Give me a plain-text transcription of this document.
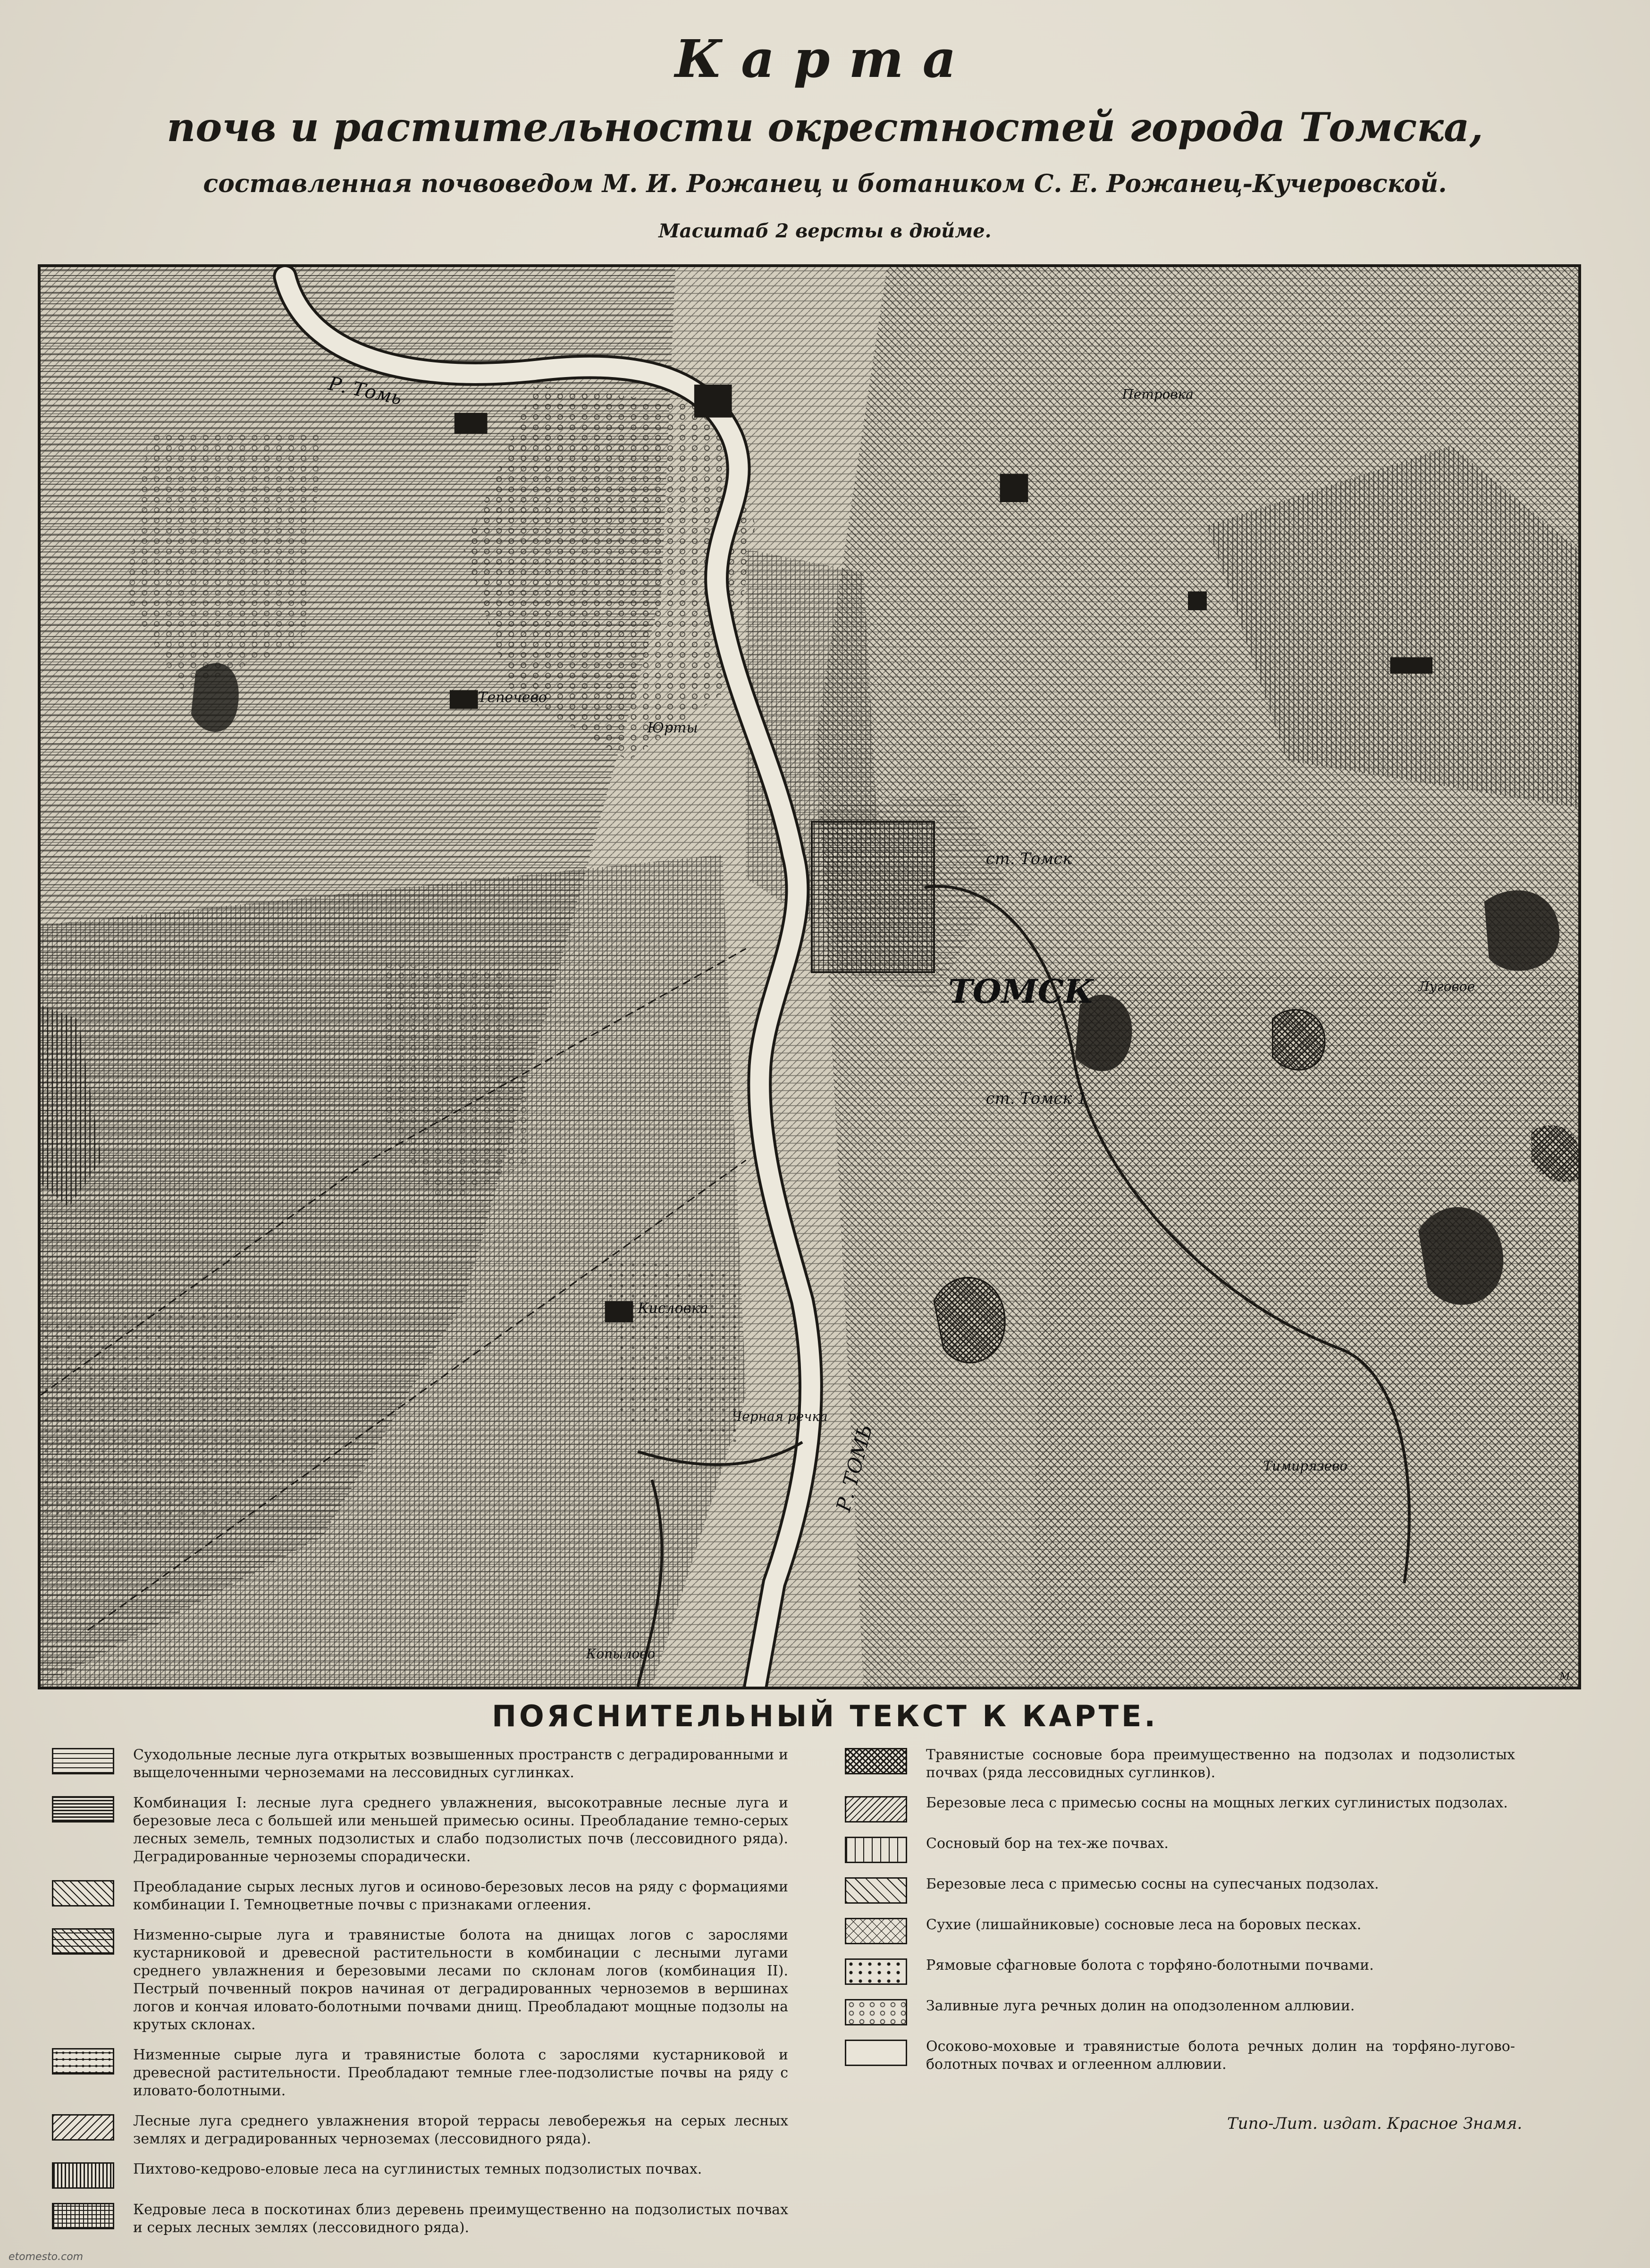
Карта
почв и растительности окрестностей города Томска,
составленная почвоведом М. И. Рожанец и ботаником С. Е. Рожанец-Кучеровской.
Масштаб 2 версты в дюйме.
ТОМСК
Р. Томь
Р. ТОМЬ
ст. Томск
ст. Томск 1
Юрты
Тепечево
Кисловка
Черная речка
Копылово
Тимирязево
Луговое
Петровка
М.
ПОЯСНИТЕЛЬНЫЙ ТЕКСТ К КАРТЕ.
Суходольные лесные луга открытых возвышенных пространств с деградированными и выщелоченными черноземами на лессовидных суглинках.
Комбинация I: лесные луга среднего увлажнения, высокотравные лесные луга и березовые леса с большей или меньшей примесью осины. Преобладание темно-серых лесных земель, темных подзолистых и слабо подзолистых почв (лессовидного ряда). Деградированные черноземы спорадически.
Преобладание сырых лесных лугов и осиново-березовых лесов на ряду с формациями комбинации I. Темноцветные почвы с признаками оглеения.
Низменно-сырые луга и травянистые болота на днищах логов с зарослями кустарниковой и древесной растительности в комбинации с лесными лугами среднего увлажнения и березовыми лесами по склонам логов (комбинация II). Пестрый почвенный покров начиная от деградированных черноземов в вершинах логов и кончая иловато-болотными почвами днищ. Преобладают мощные подзолы на крутых склонах.
Низменные сырые луга и травянистые болота с зарослями кустарниковой и древесной растительности. Преобладают темные глее-подзолистые почвы на ряду с иловато-болотными.
Лесные луга среднего увлажнения второй террасы левобережья на серых лесных землях и деградированных черноземах (лессовидного ряда).
Пихтово-кедрово-еловые леса на суглинистых темных подзолистых почвах.
Кедровые леса в поскотинах близ деревень преимущественно на подзолистых почвах и серых лесных землях (лессовидного ряда).
Травянистые сосновые бора преимущественно на подзолах и подзолистых почвах (ряда лессовидных суглинков).
Березовые леса с примесью сосны на мощных легких суглинистых подзолах.
Сосновый бор на тех-же почвах.
Березовые леса с примесью сосны на супесчаных подзолах.
Сухие (лишайниковые) сосновые леса на боровых песках.
Рямовые сфагновые болота с торфяно-болотными почвами.
Заливные луга речных долин на оподзоленном аллювии.
Осоково-моховые и травянистые болота речных долин на торфяно-лугово-болотных почвах и оглеенном аллювии.
Типо-Лит. издат. Красное Знамя.
etomesto.com
